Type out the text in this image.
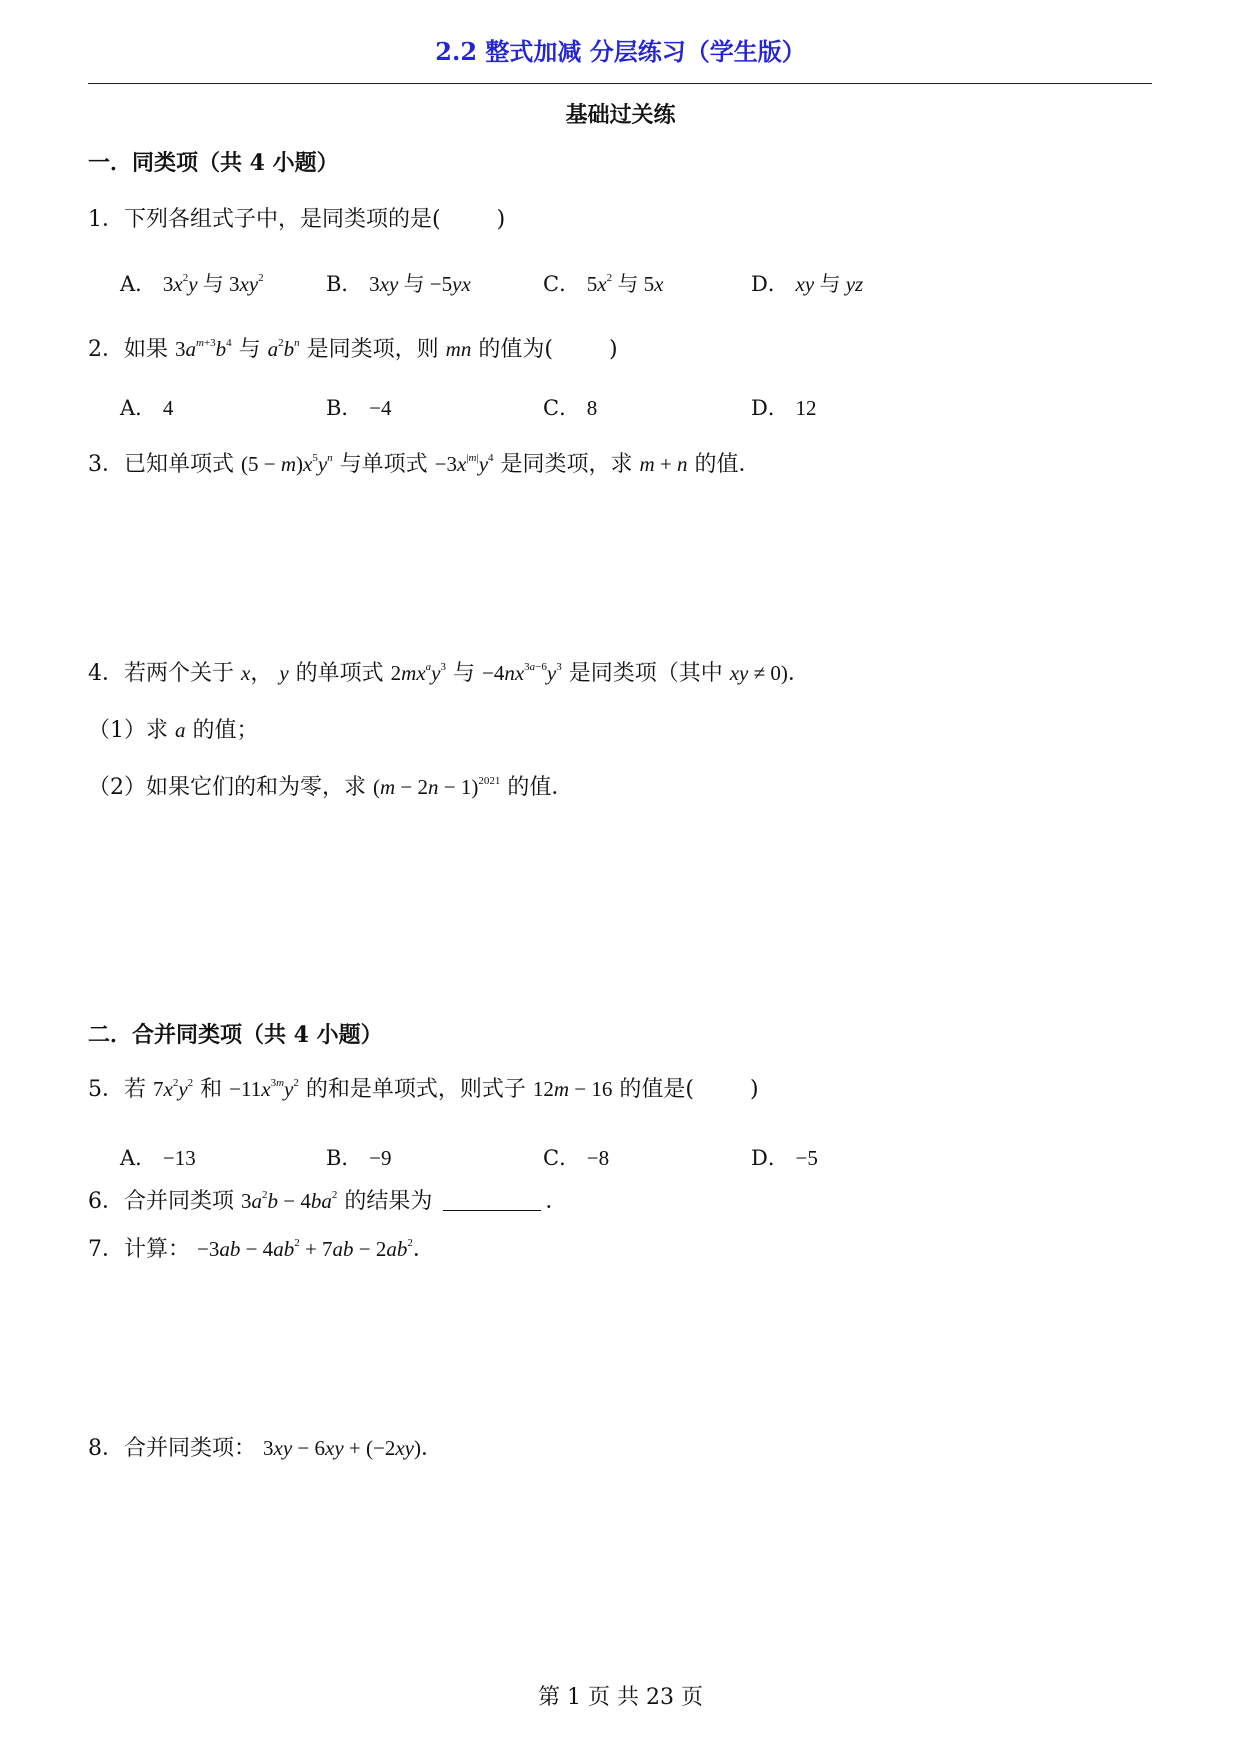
2.2 整式加减 分层练习（学生版）
基础过关练
一．同类项（共 4 小题）
1．下列各组式子中，是同类项的是(	)
A． $3x^2y$ 与 $3xy^2$	B． 3xy 与 −5yx	C． $5x^2$ 与 5x	D． xy 与 yz
2．如果 $3a^{m+3}b^4$ 与 $a^2b^n$ 是同类项，则 mn 的值为(	)
A． 4	B． −4	C． 8	D． 12
3．已知单项式 $(5 - m)x^5y^n$ 与单项式 $-3x^{|m|}y^4$ 是同类项，求 m + n 的值．
4．若两个关于 x， y 的单项式 $2mx^ay^3$ 与 $-4nx^{3a-6}y^3$ 是同类项（其中 xy ≠ 0)．
（1）求 a 的值；
（2）如果它们的和为零，求 $(m - 2n - 1)^{2021}$ 的值．
二．合并同类项（共 4 小题）
5．若 $7x^2y^2$ 和 $-11x^{3m}y^2$ 的和是单项式，则式子 12m − 16 的值是(	)
A． −13	B． −9	C． −8	D． −5
6．合并同类项 $3a^2b - 4ba^2$ 的结果为	．
7．计算： $-3ab - 4ab^2 + 7ab - 2ab^2$．
8．合并同类项： 3xy − 6xy + (−2xy)．
第 1 页 共 23 页
